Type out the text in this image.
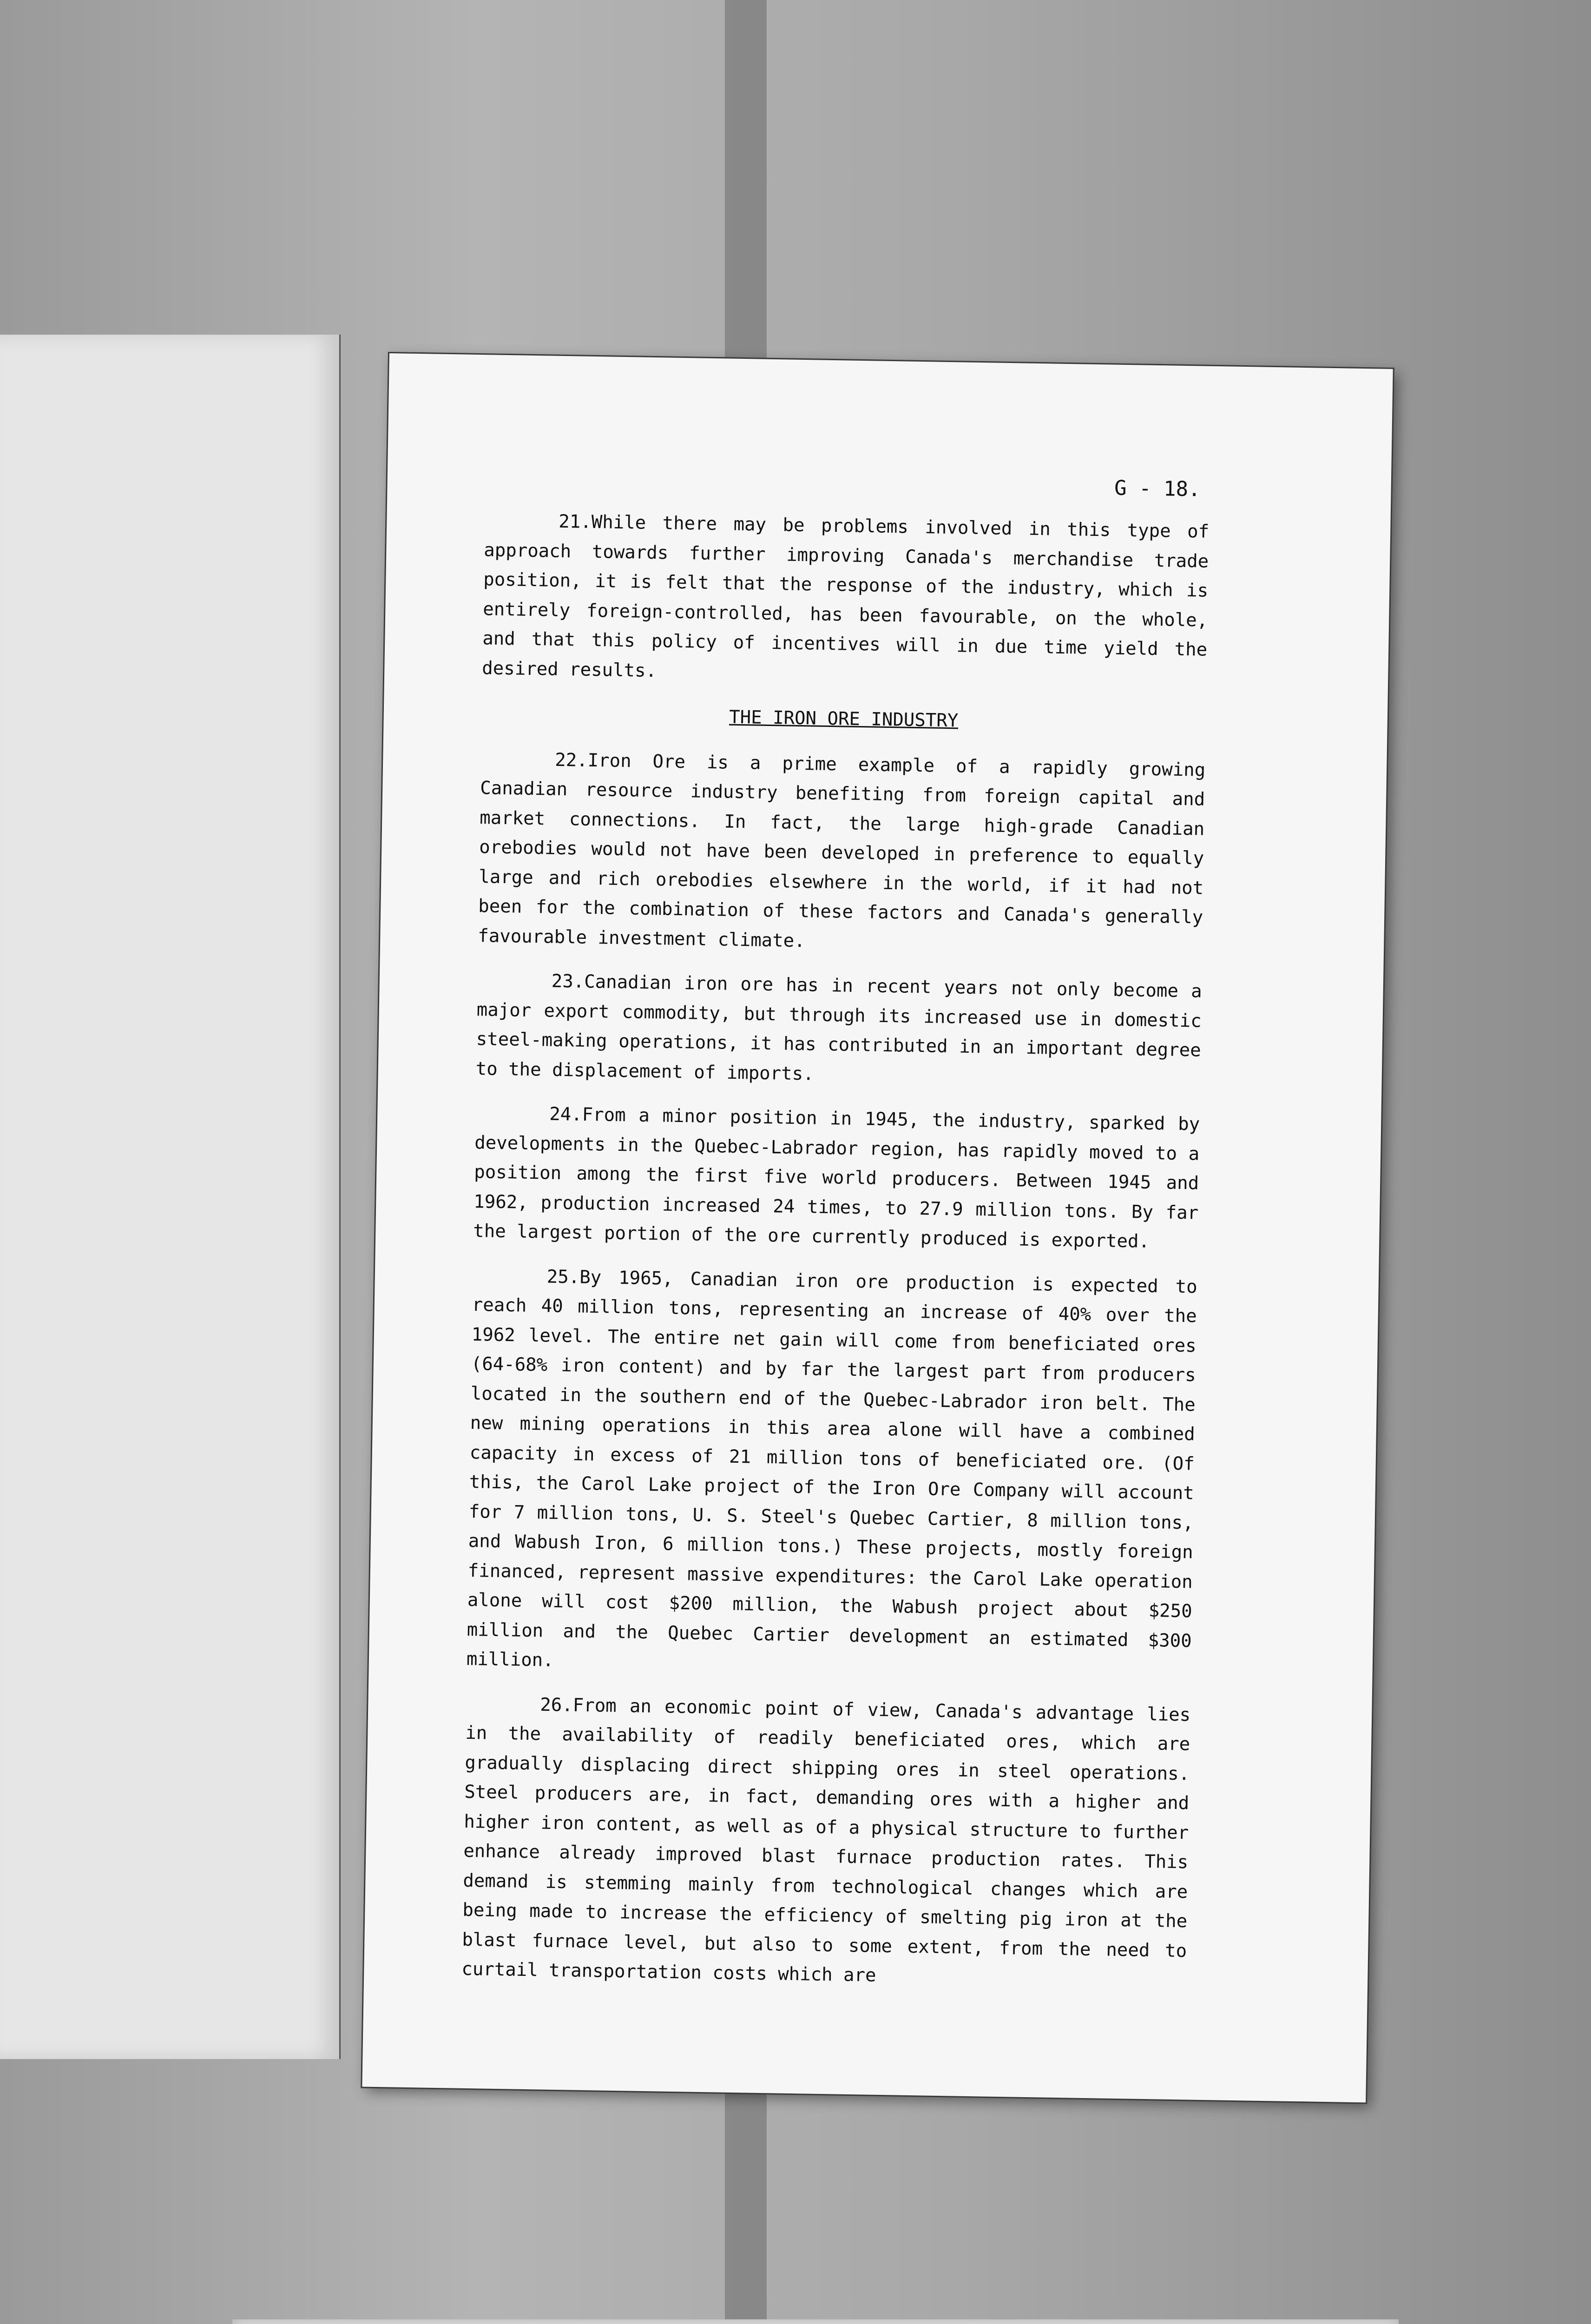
G - 18.

21.While there may be problems involved in this type of approach towards further improving Canada's merchandise trade position, it is felt that the response of the industry, which is entirely foreign-controlled, has been favourable, on the whole, and that this policy of incentives will in due time yield the desired results.

THE IRON ORE INDUSTRY

22.Iron Ore is a prime example of a rapidly growing Canadian resource industry benefiting from foreign capital and market connections. In fact, the large high-grade Canadian orebodies would not have been developed in preference to equally large and rich orebodies elsewhere in the world, if it had not been for the combination of these factors and Canada's generally favourable investment climate.

23.Canadian iron ore has in recent years not only become a major export commodity, but through its increased use in domestic steel-making operations, it has contributed in an important degree to the displacement of imports.

24.From a minor position in 1945, the industry, sparked by developments in the Quebec-Labrador region, has rapidly moved to a position among the first five world producers. Between 1945 and 1962, production increased 24 times, to 27.9 million tons. By far the largest portion of the ore currently produced is exported.

25.By 1965, Canadian iron ore production is expected to reach 40 million tons, representing an increase of 40% over the 1962 level. The entire net gain will come from beneficiated ores (64-68% iron content) and by far the largest part from producers located in the southern end of the Quebec-Labrador iron belt. The new mining operations in this area alone will have a combined capacity in excess of 21 million tons of beneficiated ore. (Of this, the Carol Lake project of the Iron Ore Company will account for 7 million tons, U. S. Steel's Quebec Cartier, 8 million tons, and Wabush Iron, 6 million tons.) These projects, mostly foreign financed, represent massive expenditures: the Carol Lake operation alone will cost $200 million, the Wabush project about $250 million and the Quebec Cartier development an estimated $300 million.

26.From an economic point of view, Canada's advantage lies in the availability of readily beneficiated ores, which are gradually displacing direct shipping ores in steel operations. Steel producers are, in fact, demanding ores with a higher and higher iron content, as well as of a physical structure to further enhance already improved blast furnace production rates. This demand is stemming mainly from technological changes which are being made to increase the efficiency of smelting pig iron at the blast furnace level, but also to some extent, from the need to curtail transportation costs which are
